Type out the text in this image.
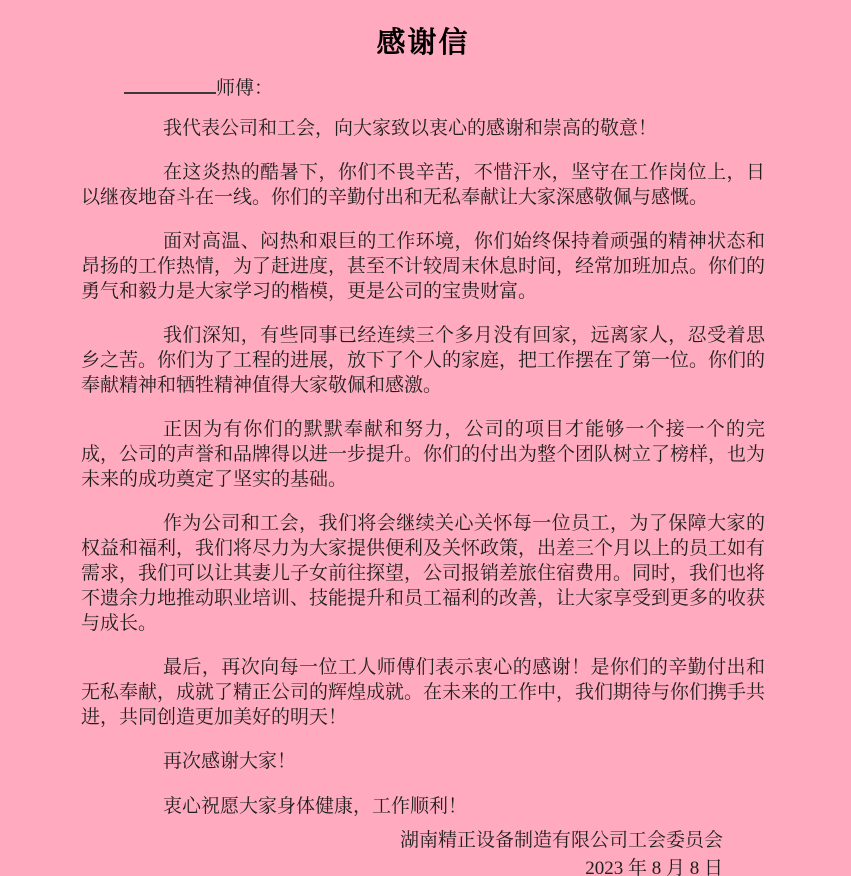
感谢信
师傅：

我代表公司和工会，向大家致以衷心的感谢和崇高的敬意！

在这炎热的酷暑下，你们不畏辛苦，不惜汗水，坚守在工作岗位上，日以继夜地奋斗在一线。你们的辛勤付出和无私奉献让大家深感敬佩与感慨。

面对高温、闷热和艰巨的工作环境，你们始终保持着顽强的精神状态和昂扬的工作热情，为了赶进度，甚至不计较周末休息时间，经常加班加点。你们的勇气和毅力是大家学习的楷模，更是公司的宝贵财富。

我们深知，有些同事已经连续三个多月没有回家，远离家人，忍受着思乡之苦。你们为了工程的进展，放下了个人的家庭，把工作摆在了第一位。你们的奉献精神和牺牲精神值得大家敬佩和感激。

正因为有你们的默默奉献和努力，公司的项目才能够一个接一个的完成，公司的声誉和品牌得以进一步提升。你们的付出为整个团队树立了榜样，也为未来的成功奠定了坚实的基础。

作为公司和工会，我们将会继续关心关怀每一位员工，为了保障大家的权益和福利，我们将尽力为大家提供便利及关怀政策，出差三个月以上的员工如有需求，我们可以让其妻儿子女前往探望，公司报销差旅住宿费用。同时，我们也将不遗余力地推动职业培训、技能提升和员工福利的改善，让大家享受到更多的收获与成长。

最后，再次向每一位工人师傅们表示衷心的感谢！是你们的辛勤付出和无私奉献，成就了精正公司的辉煌成就。在未来的工作中，我们期待与你们携手共进，共同创造更加美好的明天！

再次感谢大家！

衷心祝愿大家身体健康，工作顺利！

湖南精正设备制造有限公司工会委员会

2023 年 8 月 8 日
